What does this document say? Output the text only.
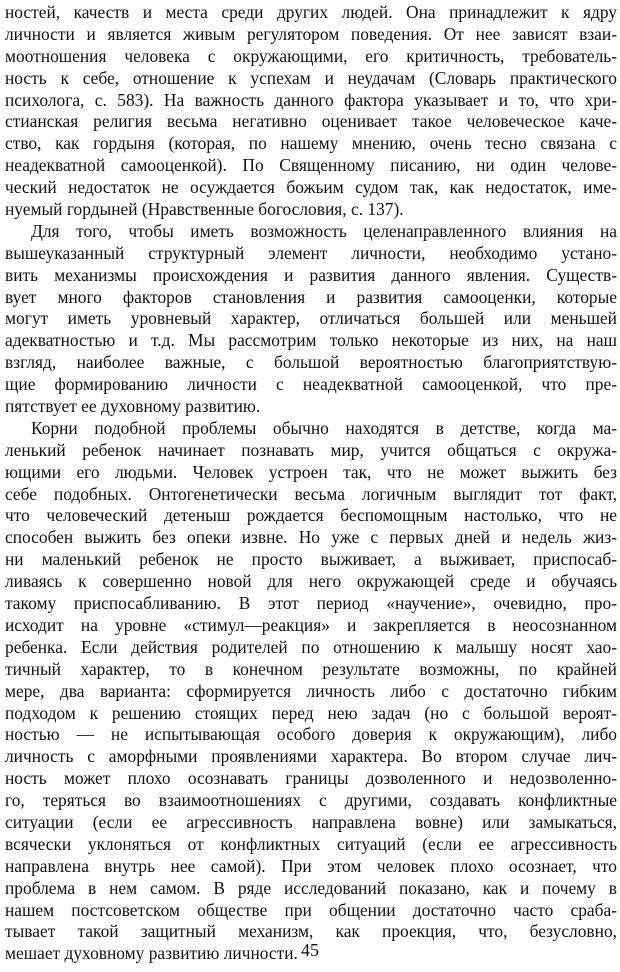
ностей, качеств и места среди других людей. Она принадлежит к ядру
личности и является живым регулятором поведения. От нее зависят взаи-
моотношения человека с окружающими, его критичность, требователь-
ность к себе, отношение к успехам и неудачам (Словарь практического
психолога, с. 583). На важность данного фактора указывает и то, что хри-
стианская религия весьма негативно оценивает такое человеческое каче-
ство, как гордыня (которая, по нашему мнению, очень тесно связана с
неадекватной самооценкой). По Священному писанию, ни один челове-
ческий недостаток не осуждается божьим судом так, как недостаток, име-
нуемый гордыней (Нравственные богословия, с. 137).
Для того, чтобы иметь возможность целенаправленного влияния на
вышеуказанный структурный элемент личности, необходимо устано-
вить механизмы происхождения и развития данного явления. Существ-
вует много факторов становления и развития самооценки, которые
могут иметь уровневый характер, отличаться большей или меньшей
адекватностью и т.д. Мы рассмотрим только некоторые из них, на наш
взгляд, наиболее важные, с большой вероятностью благоприятствую-
щие формированию личности с неадекватной самооценкой, что пре-
пятствует ее духовному развитию.
Корни подобной проблемы обычно находятся в детстве, когда ма-
ленький ребенок начинает познавать мир, учится общаться с окружа-
ющими его людьми. Человек устроен так, что не может выжить без
себе подобных. Онтогенетически весьма логичным выглядит тот факт,
что человеческий детеныш рождается беспомощным настолько, что не
способен выжить без опеки извне. Но уже с первых дней и недель жиз-
ни маленький ребенок не просто выживает, а выживает, приспосаб-
ливаясь к совершенно новой для него окружающей среде и обучаясь
такому приспосабливанию. В этот период «научение», очевидно, про-
исходит на уровне «стимул—реакция» и закрепляется в неосознанном
ребенка. Если действия родителей по отношению к малышу носят хао-
тичный характер, то в конечном результате возможны, по крайней
мере, два варианта: сформируется личность либо с достаточно гибким
подходом к решению стоящих перед нею задач (но с большой вероят-
ностью — не испытывающая особого доверия к окружающим), либо
личность с аморфными проявлениями характера. Во втором случае лич-
ность может плохо осознавать границы дозволенного и недозволенно-
го, теряться во взаимоотношениях с другими, создавать конфликтные
ситуации (если ее агрессивность направлена вовне) или замыкаться,
всячески уклоняться от конфликтных ситуаций (если ее агрессивность
направлена внутрь нее самой). При этом человек плохо осознает, что
проблема в нем самом. В ряде исследований показано, как и почему в
нашем постсоветском обществе при общении достаточно часто сраба-
тывает такой защитный механизм, как проекция, что, безусловно,
мешает духовному развитию личности. 45
